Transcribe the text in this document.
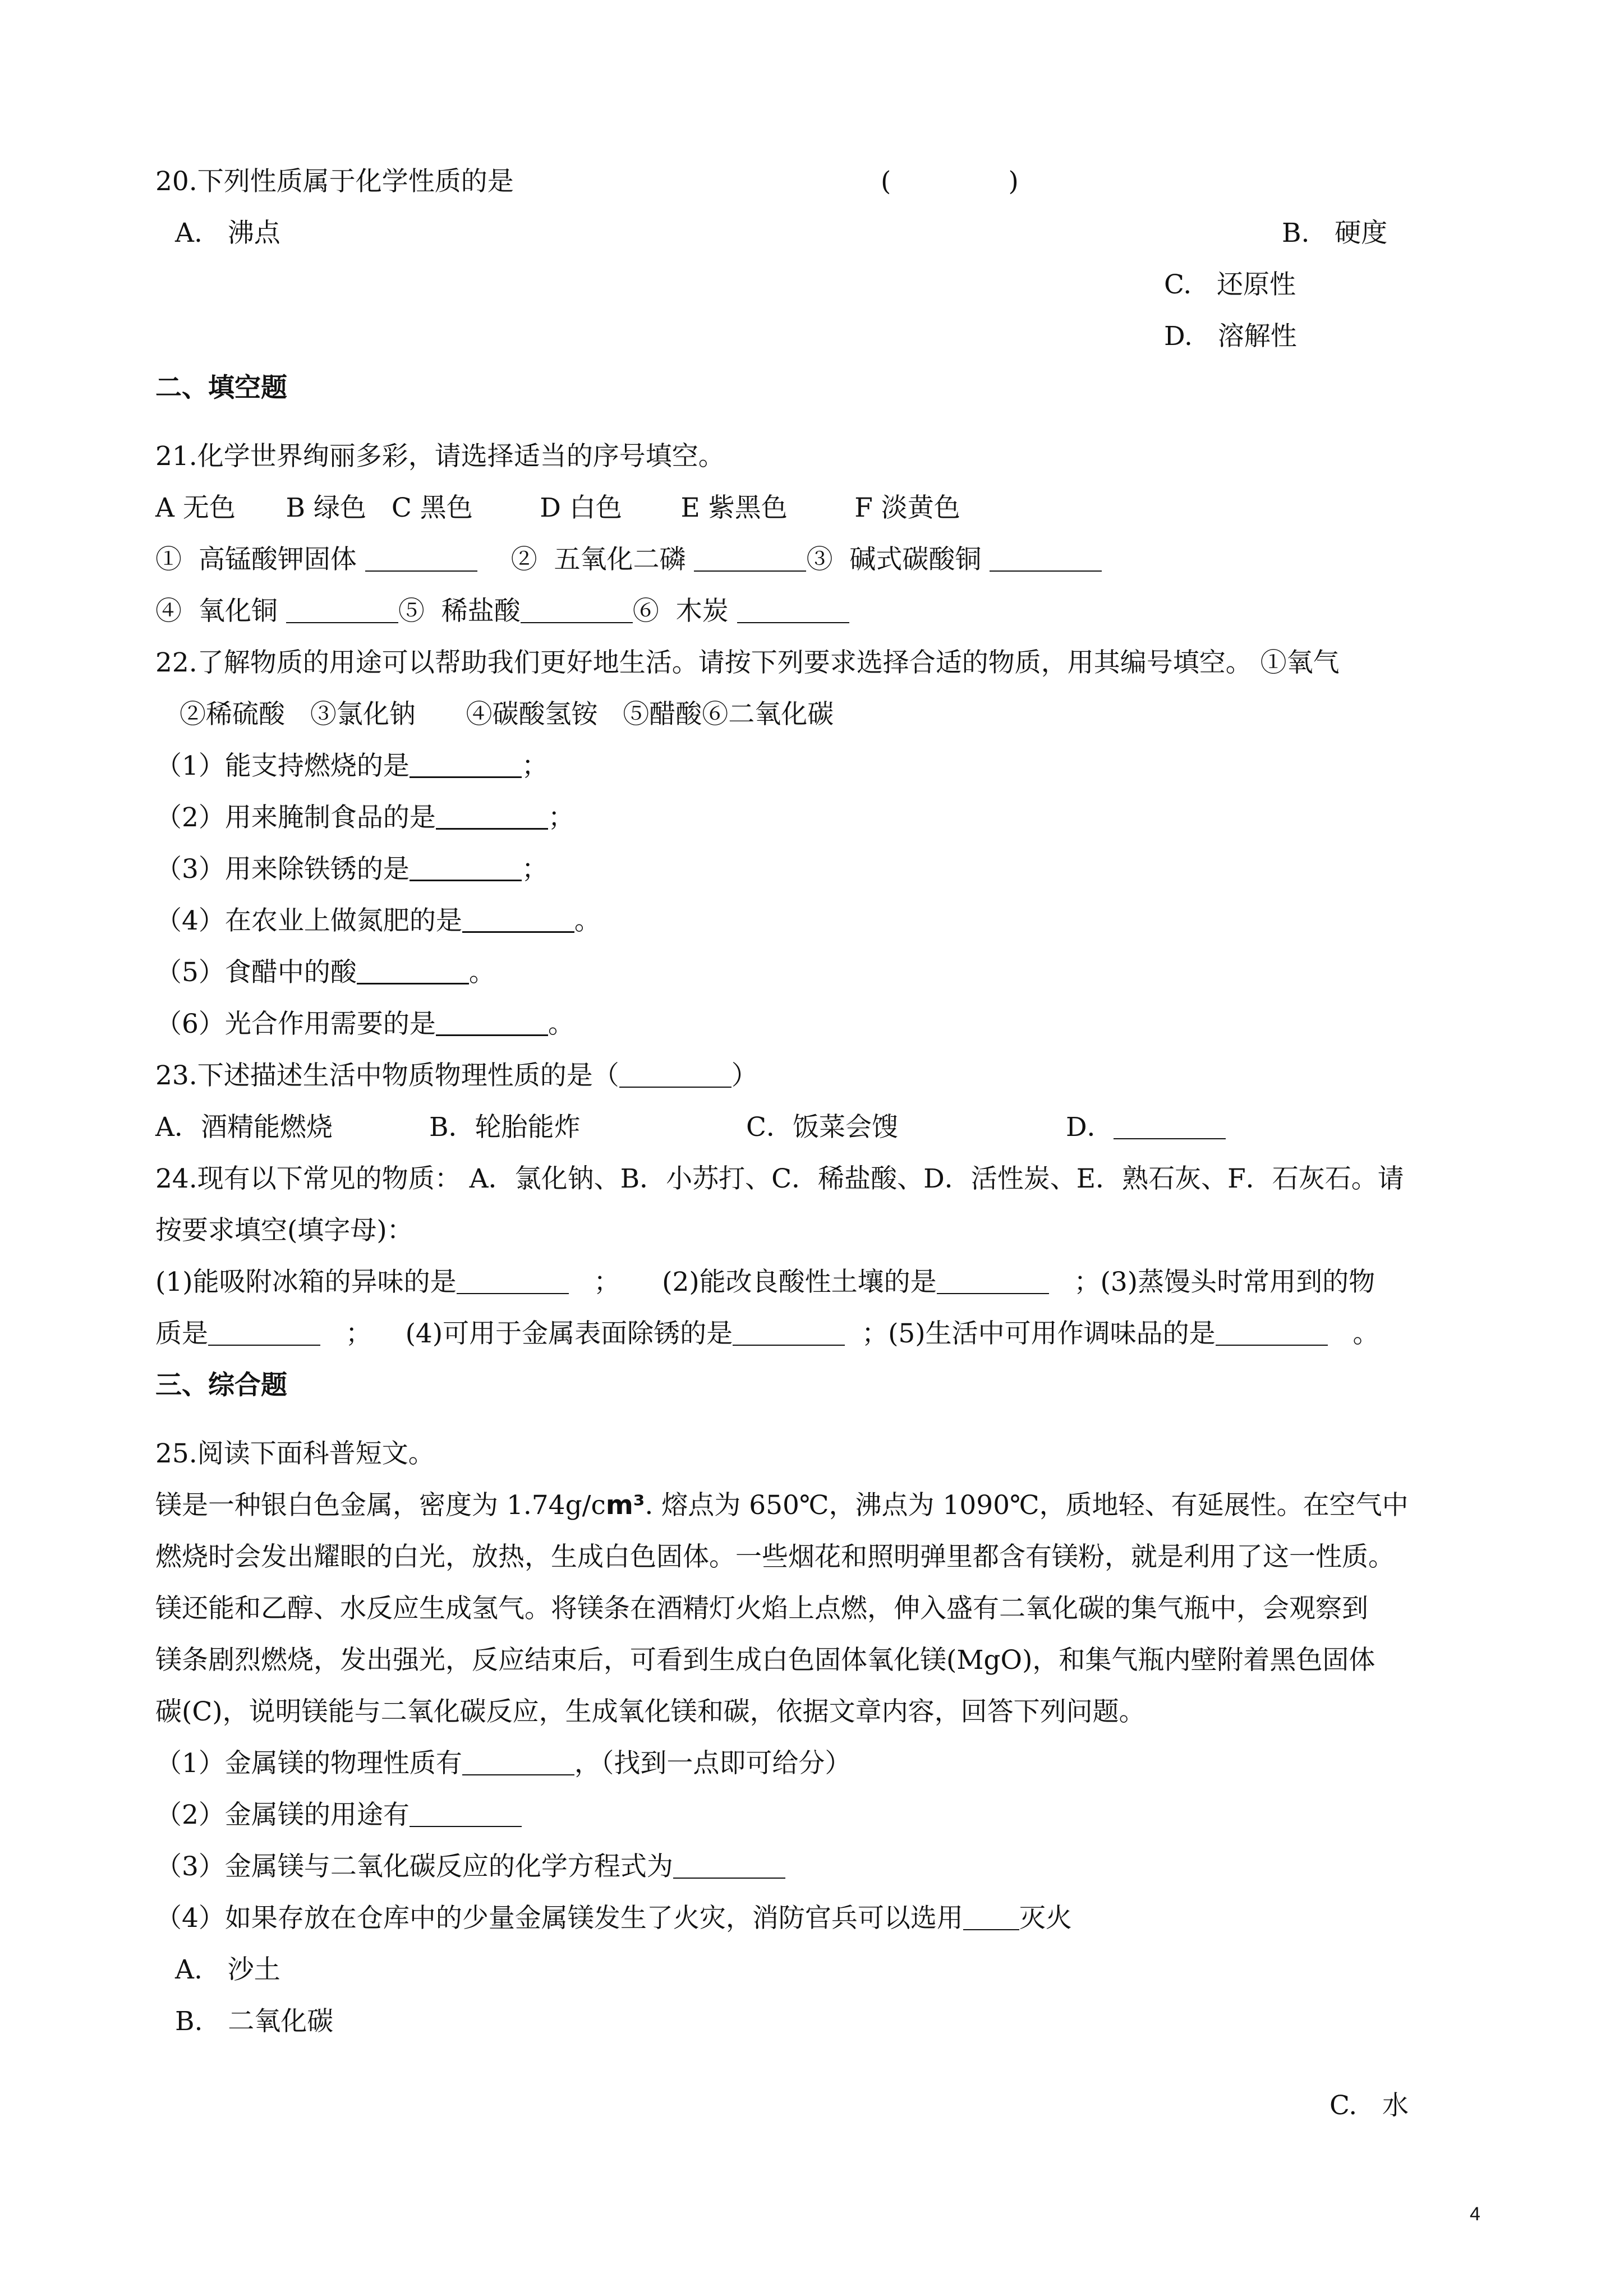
20.下列性质属于化学性质的是	(              )
A.   沸点	B.   硬度
C.   还原性
D.   溶解性
二、填空题
21.化学世界绚丽多彩，请选择适当的序号填空。
A 无色      B 绿色   C 黑色        D 白色       E 紫黑色        F 淡黄色
①  高锰酸钾固体	②  五氧化二磷	③  碱式碳酸铜
④  氧化铜	⑤  稀盐酸	⑥  木炭
22.了解物质的用途可以帮助我们更好地生活。请按下列要求选择合适的物质，用其编号填空。 ①氧气
②稀硫酸   ③氯化钠      ④碳酸氢铵   ⑤醋酸⑥二氧化碳
（1）能支持燃烧的是	；
（2）用来腌制食品的是	；
（3）用来除铁锈的是	；
（4）在农业上做氮肥的是	。
（5）食醋中的酸	。
（6）光合作用需要的是	。
23.下述描述生活中物质物理性质的是（	）
A．酒精能燃烧	B．轮胎能炸	C．饭菜会馊	D．
24.现有以下常见的物质： A．氯化钠、B．小苏打、C．稀盐酸、D．活性炭、E．熟石灰、F．石灰石。请
按要求填空(填字母)：
(1)能吸附冰箱的异味的是	； (2)能改良酸性土壤的是	；(3)蒸馒头时常用到的物
质是	； (4)可用于金属表面除锈的是	；(5)生活中可用作调味品的是	。
三、综合题
25.阅读下面科普短文。
镁是一种银白色金属，密度为 1.74g/cm³. 熔点为 650℃，沸点为 1090℃，质地轻、有延展性。在空气中
燃烧时会发出耀眼的白光，放热，生成白色固体。一些烟花和照明弹里都含有镁粉，就是利用了这一性质。
镁还能和乙醇、水反应生成氢气。将镁条在酒精灯火焰上点燃，伸入盛有二氧化碳的集气瓶中，会观察到
镁条剧烈燃烧，发出强光，反应结束后，可看到生成白色固体氧化镁(MgO)，和集气瓶内壁附着黑色固体
碳(C)，说明镁能与二氧化碳反应，生成氧化镁和碳，依据文章内容，回答下列问题。
（1）金属镁的物理性质有	，（找到一点即可给分）
（2）金属镁的用途有
（3）金属镁与二氧化碳反应的化学方程式为
（4）如果存放在仓库中的少量金属镁发生了火灾，消防官兵可以选用 灭火
A.   沙土
B.   二氧化碳
C.   水
4
